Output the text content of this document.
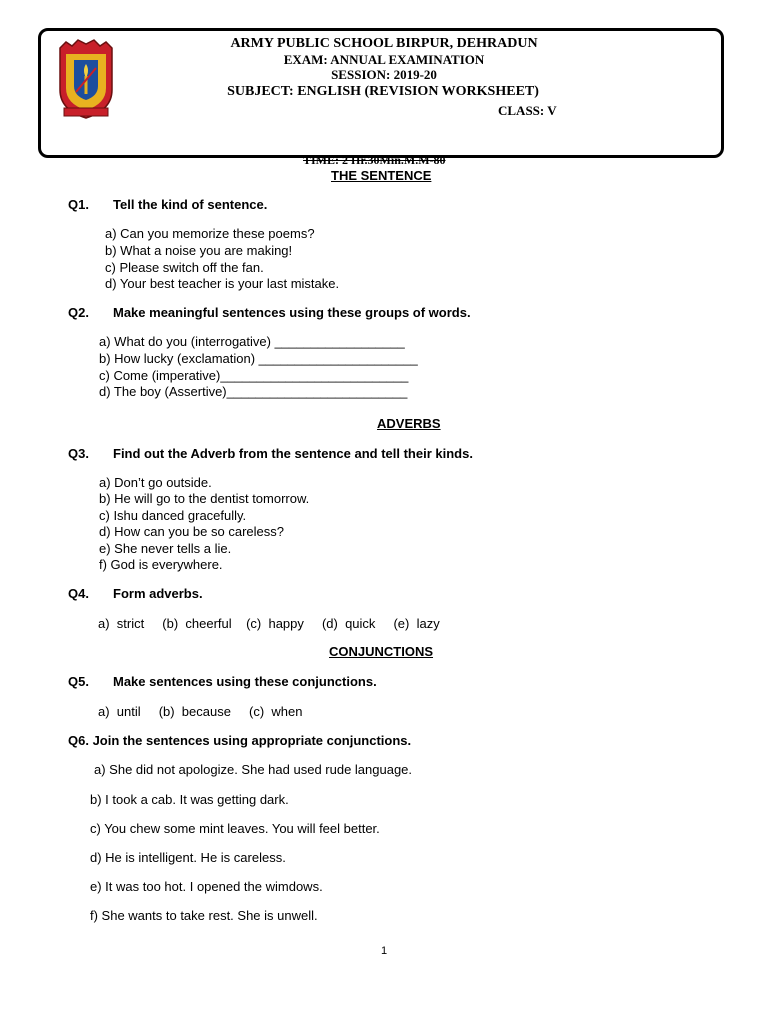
ARMY PUBLIC SCHOOL BIRPUR, DEHRADUN
EXAM: ANNUAL EXAMINATION
SESSION: 2019-20
SUBJECT: ENGLISH (REVISION WORKSHEET)
CLASS: V
TIME: 2 Hr.30Min.M.M-80
THE SENTENCE
Q1. Tell the kind of sentence.
a) Can you memorize these poems?
b) What a noise you are making!
c) Please switch off the fan.
d) Your best teacher is your last mistake.
Q2. Make meaningful sentences using these groups of words.
a) What do you (interrogative) __________________
b) How lucky (exclamation) ______________________
c) Come (imperative)__________________________
d) The boy (Assertive)_________________________
ADVERBS
Q3. Find out the Adverb from the sentence and tell their kinds.
a) Don’t go outside.
b) He will go to the dentist tomorrow.
c) Ishu danced gracefully.
d) How can you be so careless?
e) She never tells a lie.
f) God is everywhere.
Q4. Form adverbs.
a)  strict     (b)  cheerful    (c)  happy     (d)  quick     (e)  lazy
CONJUNCTIONS
Q5. Make sentences using these conjunctions.
a)  until     (b)  because     (c)  when
Q6. Join the sentences using appropriate conjunctions.
a) She did not apologize. She had used rude language.
b) I took a cab. It was getting dark.
c) You chew some mint leaves. You will feel better.
d) He is intelligent. He is careless.
e) It was too hot. I opened the wimdows.
f) She wants to take rest. She is unwell.
1
